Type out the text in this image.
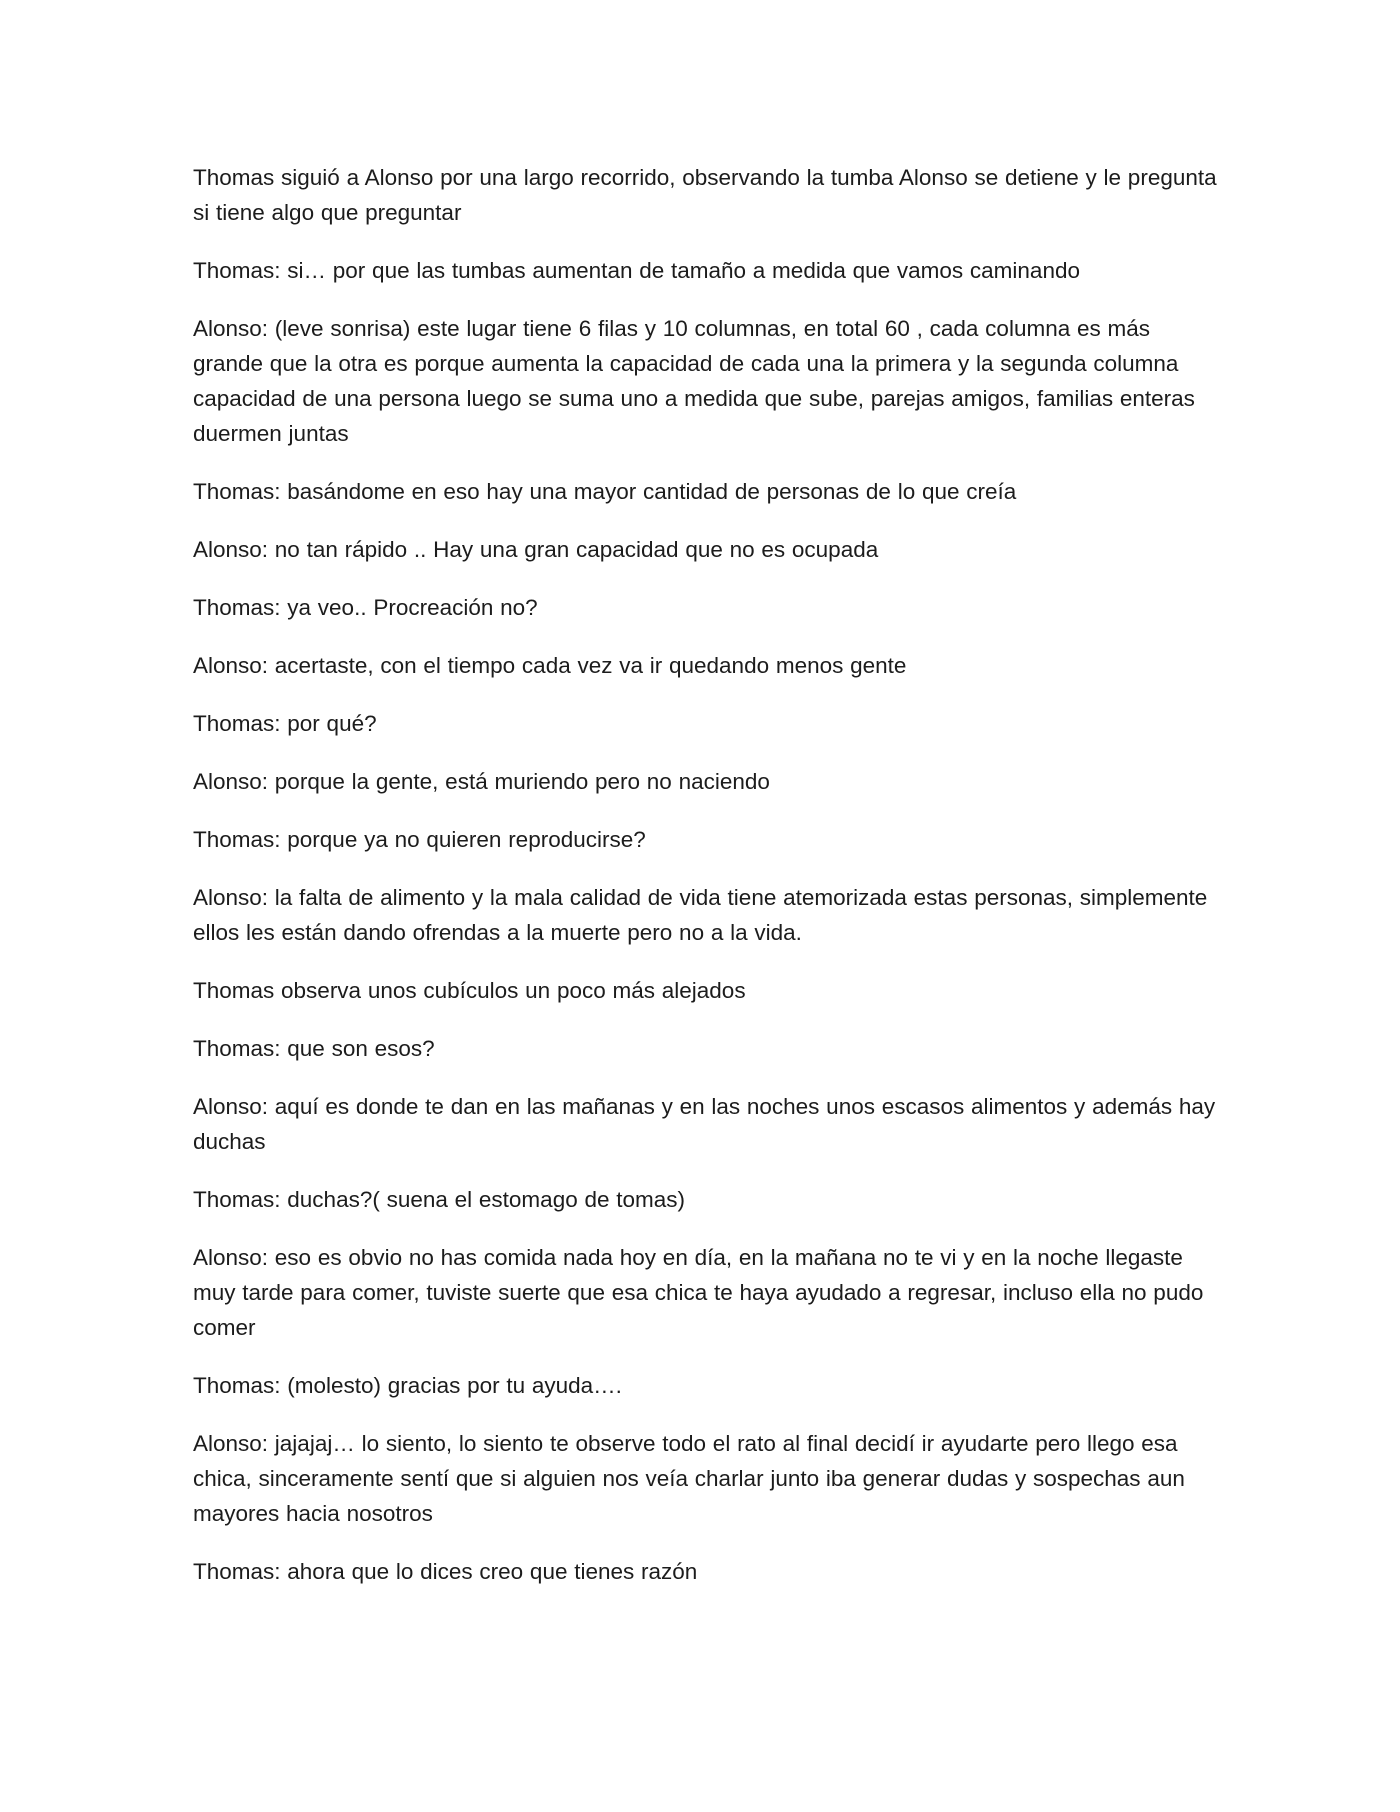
Thomas siguió a Alonso por una largo recorrido, observando la tumba Alonso se detiene y le pregunta si tiene algo que preguntar

Thomas: si… por que las tumbas aumentan de tamaño a medida que vamos caminando

Alonso: (leve sonrisa) este lugar tiene 6 filas y 10 columnas, en total 60 , cada columna es más grande que la otra es porque aumenta la capacidad de cada una la primera y la segunda columna capacidad de una persona luego se suma uno a medida que sube, parejas amigos, familias enteras duermen juntas

Thomas: basándome en eso hay una mayor cantidad de personas de lo que creía

Alonso: no tan rápido .. Hay una gran capacidad que no es ocupada

Thomas: ya veo.. Procreación no?

Alonso: acertaste, con el tiempo cada vez va ir quedando menos gente

Thomas: por qué?

Alonso: porque la gente, está muriendo pero no naciendo

Thomas: porque ya no quieren reproducirse?

Alonso: la falta de alimento y la mala calidad de vida tiene atemorizada estas personas, simplemente ellos les están dando ofrendas a la muerte pero no a la vida.

Thomas observa unos cubículos un poco más alejados

Thomas: que son esos?

Alonso: aquí es donde te dan en las mañanas y en las noches unos escasos alimentos y además hay duchas

Thomas: duchas?( suena el estomago de tomas)

Alonso: eso es obvio no has comida nada hoy en día, en la mañana no te vi y en la noche llegaste muy tarde para comer, tuviste suerte que esa chica te haya ayudado a regresar, incluso ella no pudo comer

Thomas: (molesto) gracias por tu ayuda….

Alonso: jajajaj… lo siento, lo siento te observe todo el rato al final decidí ir ayudarte pero llego esa chica, sinceramente sentí que si alguien nos veía charlar junto iba generar dudas y sospechas aun mayores hacia nosotros

Thomas: ahora que lo dices creo que tienes razón
